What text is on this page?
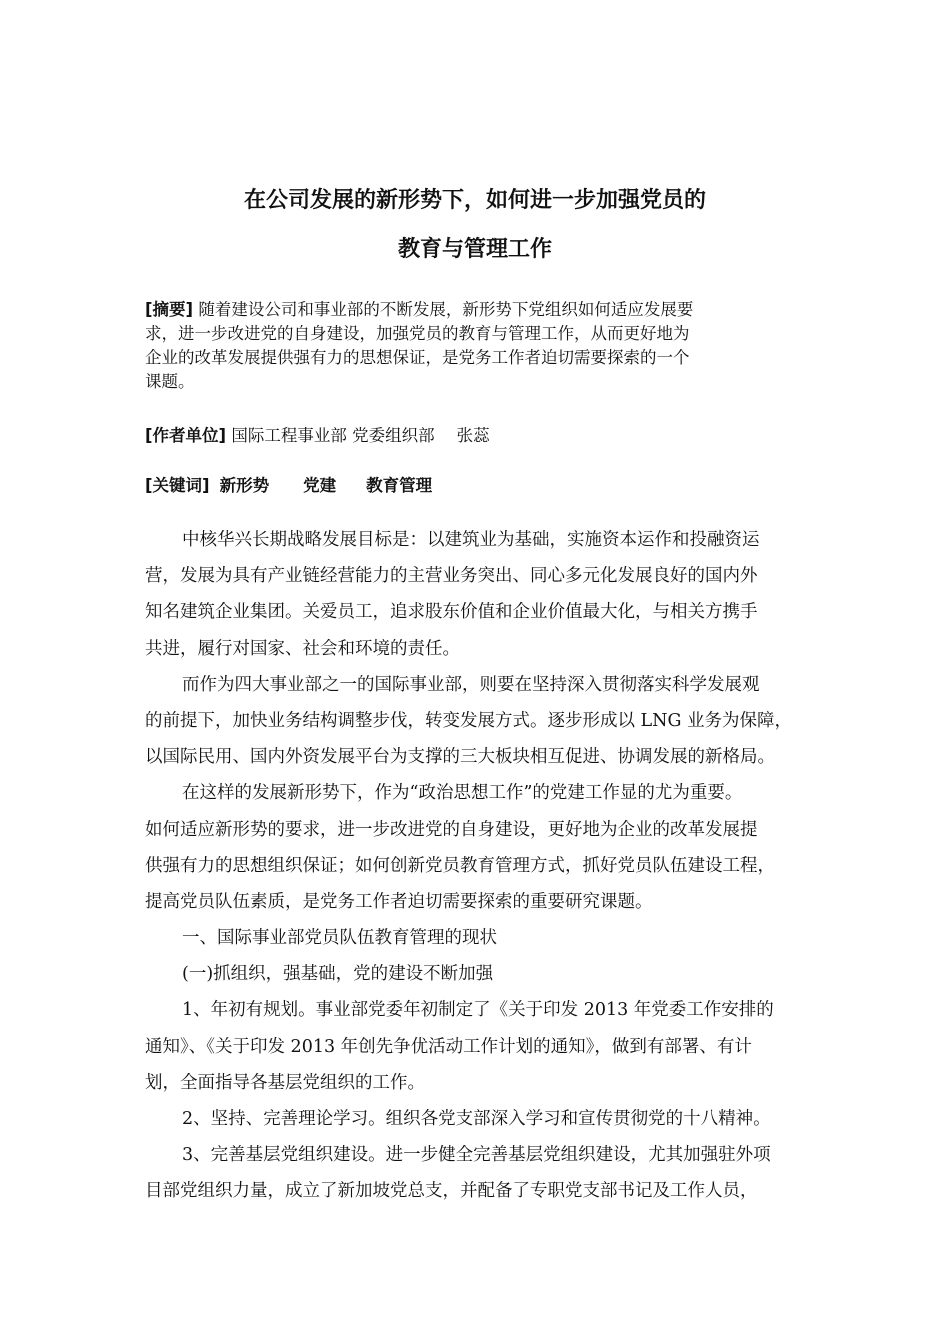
在公司发展的新形势下，如何进一步加强党员的
教育与管理工作
[摘要] 随着建设公司和事业部的不断发展，新形势下党组织如何适应发展要
求，进一步改进党的自身建设，加强党员的教育与管理工作，从而更好地为
企业的改革发展提供强有力的思想保证，是党务工作者迫切需要探索的一个
课题。
[作者单位] 国际工程事业部 党委组织部 张蕊
[关键词] 新形势 党建 教育管理
中核华兴长期战略发展目标是：以建筑业为基础，实施资本运作和投融资运
营，发展为具有产业链经营能力的主营业务突出、同心多元化发展良好的国内外
知名建筑企业集团。关爱员工，追求股东价值和企业价值最大化，与相关方携手
共进，履行对国家、社会和环境的责任。
而作为四大事业部之一的国际事业部，则要在坚持深入贯彻落实科学发展观
的前提下，加快业务结构调整步伐，转变发展方式。逐步形成以 LNG 业务为保障，
以国际民用、国内外资发展平台为支撑的三大板块相互促进、协调发展的新格局。
在这样的发展新形势下，作为“政治思想工作”的党建工作显的尤为重要。
如何适应新形势的要求，进一步改进党的自身建设，更好地为企业的改革发展提
供强有力的思想组织保证；如何创新党员教育管理方式，抓好党员队伍建设工程，
提高党员队伍素质，是党务工作者迫切需要探索的重要研究课题。
一、国际事业部党员队伍教育管理的现状
(一)抓组织，强基础，党的建设不断加强
1、年初有规划。事业部党委年初制定了《关于印发 2013 年党委工作安排的
通知》、《关于印发 2013 年创先争优活动工作计划的通知》，做到有部署、有计
划，全面指导各基层党组织的工作。
2、坚持、完善理论学习。组织各党支部深入学习和宣传贯彻党的十八精神。
3、完善基层党组织建设。进一步健全完善基层党组织建设，尤其加强驻外项
目部党组织力量，成立了新加坡党总支，并配备了专职党支部书记及工作人员，
